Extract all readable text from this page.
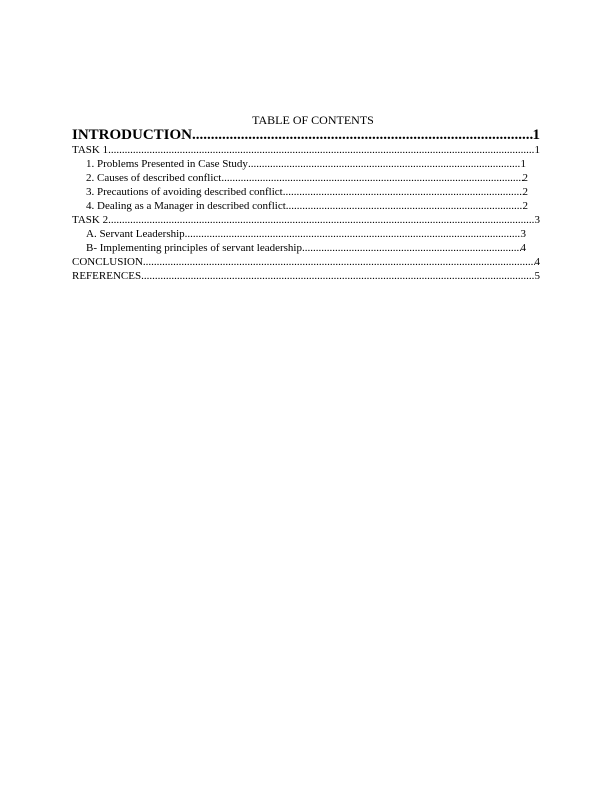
TABLE OF CONTENTS
INTRODUCTION .....	1
TASK 1 .....	1
1. Problems Presented in Case Study .....	1
2. Causes of described conflict .....	2
3. Precautions of avoiding described conflict .....	2
4. Dealing as a Manager in described conflict .....	2
TASK 2 .....	3
A. Servant Leadership .....	3
B- Implementing principles of servant leadership .....	4
CONCLUSION .....	4
REFERENCES .....	5
